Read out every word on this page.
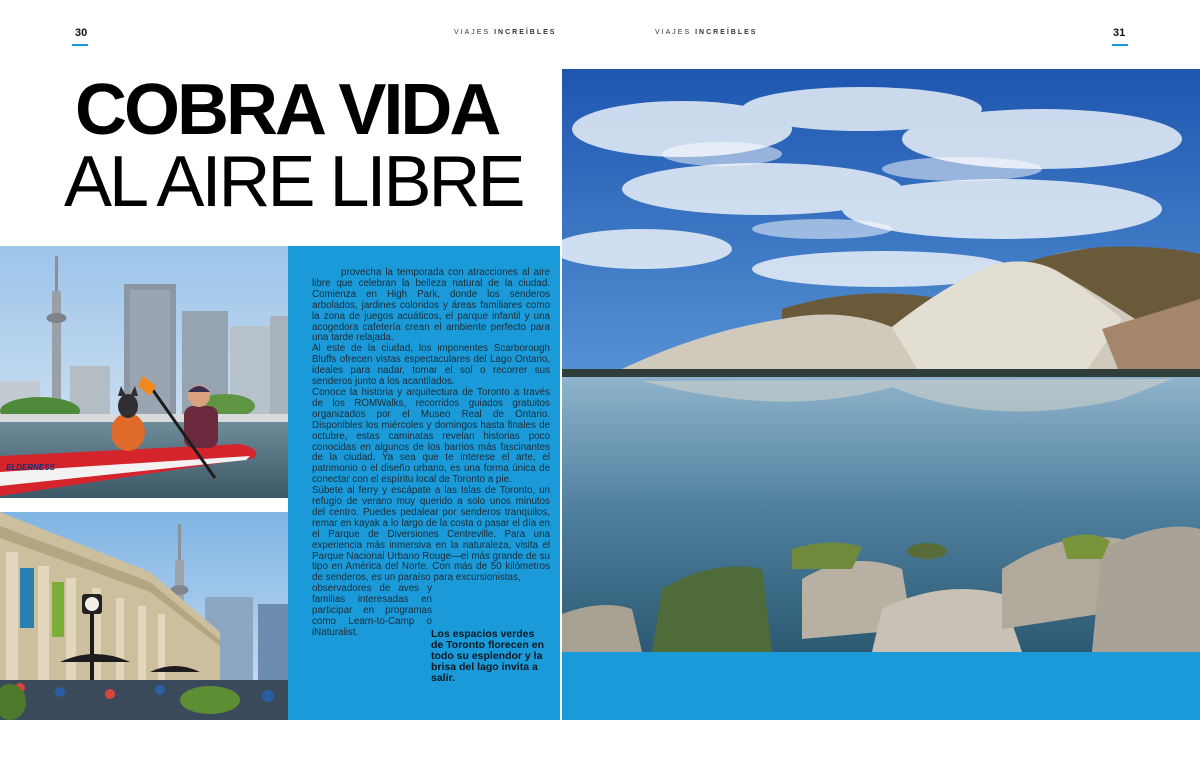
30	VIAJES INCREÍBLES	VIAJES INCREÍBLES	31
COBRA VIDA
AL AIRE LIBRE
ELDERNESS

provecha la temporada con atracciones al aire libre que celebran la belleza natural de la ciudad. Comienza en High Park, donde los senderos arbolados, jardines coloridos y áreas familiares como la zona de juegos acuáticos, el parque infantil y una acogedora cafetería crean el ambiente perfecto para una tarde relajada.

Al este de la ciudad, los imponentes Scarborough Bluffs ofrecen vistas espectaculares del Lago Ontario, ideales para nadar, tomar el sol o recorrer sus senderos junto a los acantilados.

Conoce la historia y arquitectura de Toronto a través de los ROMWalks, recorridos guiados gratuitos organizados por el Museo Real de Ontario. Disponibles los miércoles y domingos hasta finales de octubre, estas caminatas revelan historias poco conocidas en algunos de los barrios más fascinantes de la ciudad. Ya sea que te interese el arte, el patrimonio o el diseño urbano, es una forma única de conectar con el espíritu local de Toronto a pie.

Súbete al ferry y escápate a las Islas de Toronto, un refugio de verano muy querido a solo unos minutos del centro. Puedes pedalear por senderos tranquilos, remar en kayak a lo largo de la costa o pasar el día en el Parque de Diversiones Centreville. Para una experiencia más inmersiva en la naturaleza, visita el Parque Nacional Urbano Rouge—el más grande de su tipo en América del Norte. Con más de 50 kilómetros de senderos, es un paraíso para excursionistas,

observadores de aves y familias interesadas en participar en programas como Learn-to-Camp o iNaturalist.	Los espacios verdes de Toronto florecen en todo su esplendor y la brisa del lago invita a salir.
